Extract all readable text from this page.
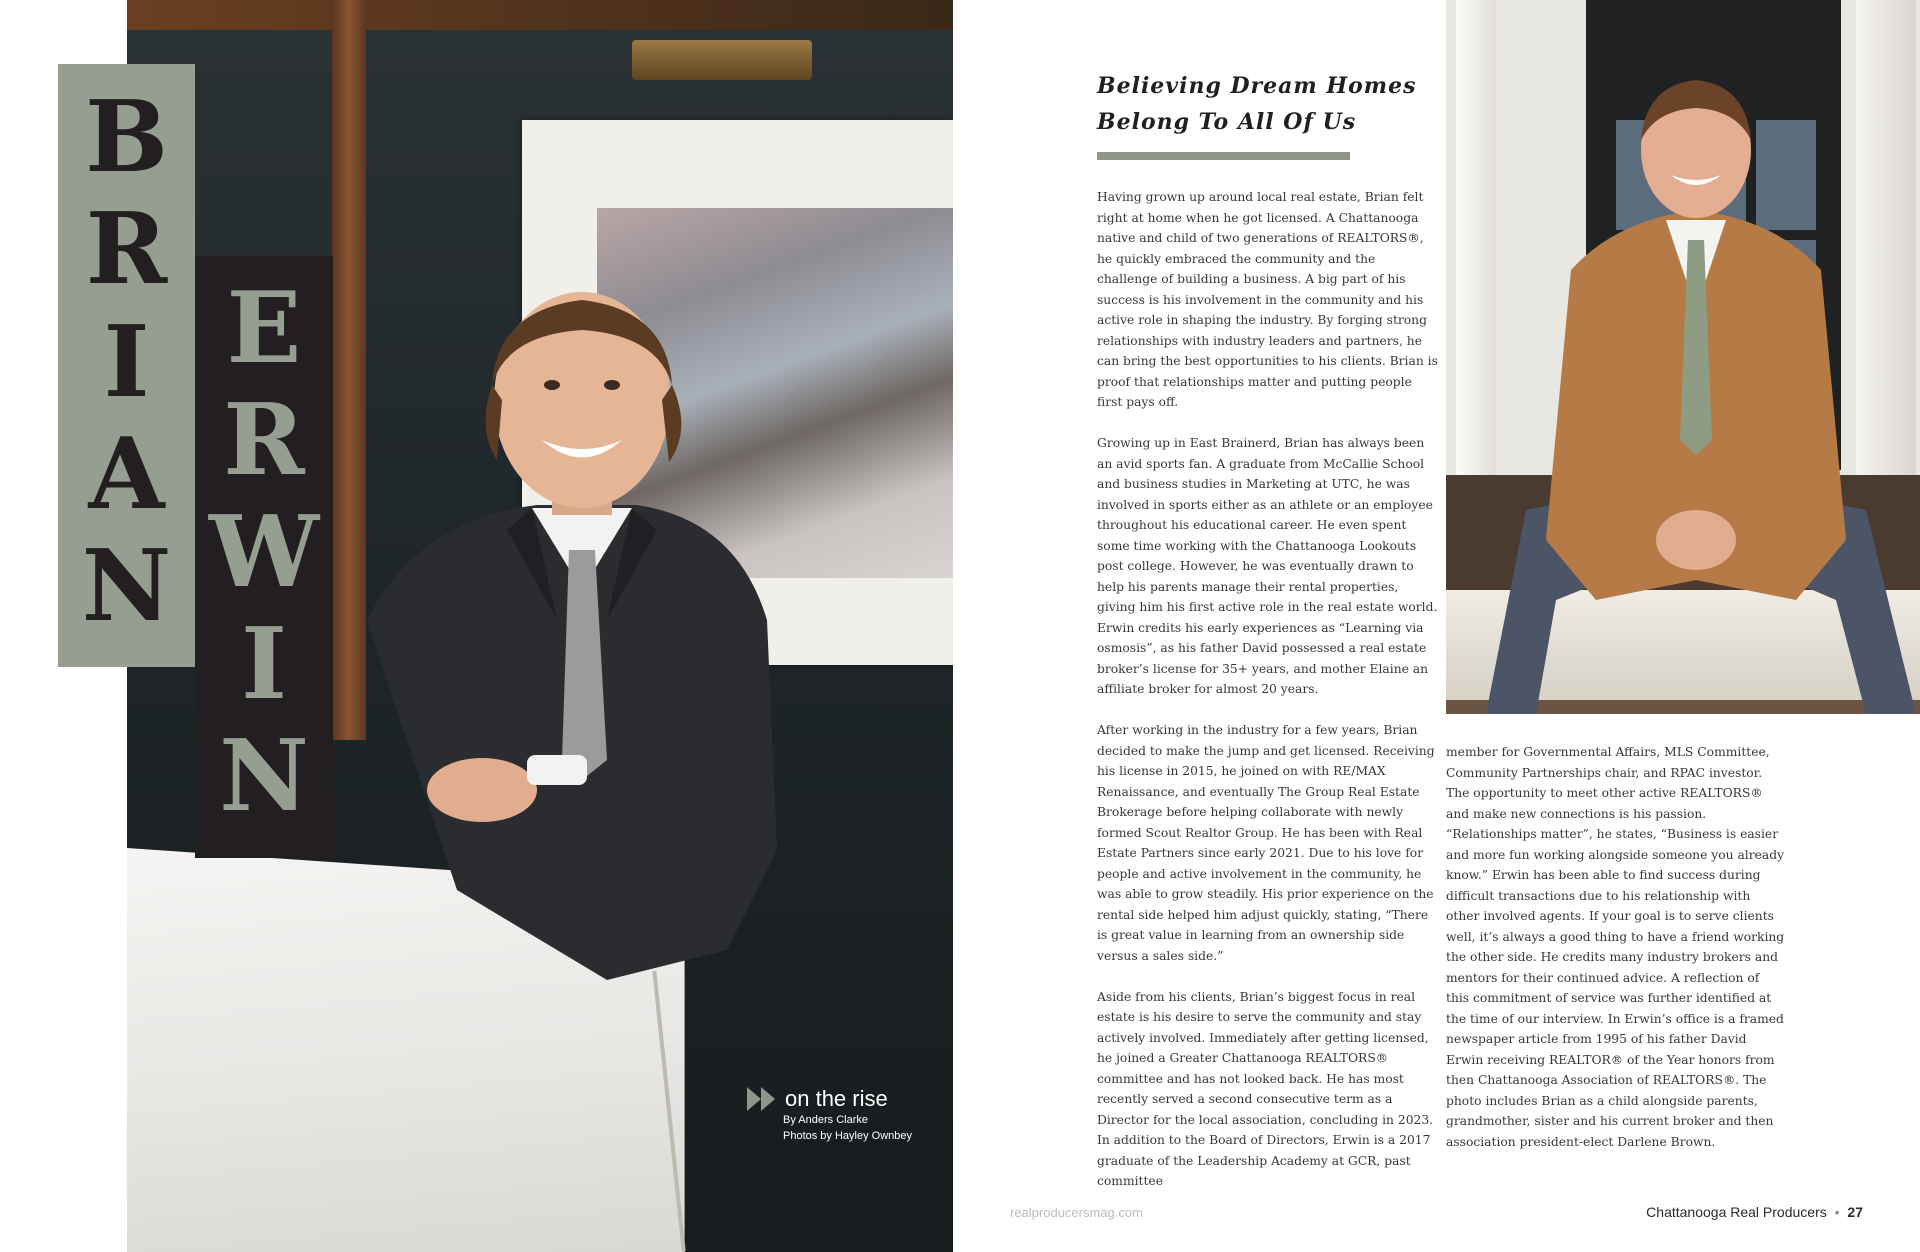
on the rise
By Anders Clarke
Photos by Hayley Ownbey
B
R
I
A
N
E
R
W
I
N
Believing Dream Homes
Belong To All Of Us

Having grown up around local real estate, Brian felt right at home when he got licensed. A Chattanooga native and child of two generations of REALTORS®, he quickly embraced the community and the challenge of building a business. A big part of his success is his involvement in the community and his active role in shaping the industry. By forging strong relationships with industry leaders and partners, he can bring the best opportunities to his clients. Brian is proof that relationships matter and putting people first pays off.

Growing up in East Brainerd, Brian has always been an avid sports fan. A graduate from McCallie School and business studies in Marketing at UTC, he was involved in sports either as an athlete or an employee throughout his educational career. He even spent some time working with the Chattanooga Lookouts post college. However, he was eventually drawn to help his parents manage their rental properties, giving him his first active role in the real estate world. Erwin credits his early experiences as “Learning via osmosis”, as his father David possessed a real estate broker’s license for 35+ years, and mother Elaine an affiliate broker for almost 20 years.

After working in the industry for a few years, Brian decided to make the jump and get licensed. Receiving his license in 2015, he joined on with RE/MAX Renaissance, and eventually The Group Real Estate Brokerage before helping collaborate with newly formed Scout Realtor Group. He has been with Real Estate Partners since early 2021. Due to his love for people and active involvement in the community, he was able to grow steadily. His prior experience on the rental side helped him adjust quickly, stating, “There is great value in learning from an ownership side versus a sales side.”

Aside from his clients, Brian’s biggest focus in real estate is his desire to serve the community and stay actively involved. Immediately after getting licensed, he joined a Greater Chattanooga REALTORS® committee and has not looked back. He has most recently served a second consecutive term as a Director for the local association, concluding in 2023. In addition to the Board of Directors, Erwin is a 2017 graduate of the Leadership Academy at GCR, past committee

member for Governmental Affairs, MLS Committee, Community Partnerships chair, and RPAC investor. The opportunity to meet other active REALTORS® and make new connections is his passion. “Relationships matter”, he states, “Business is easier and more fun working alongside someone you already know.” Erwin has been able to find success during difficult transactions due to his relationship with other involved agents. If your goal is to serve clients well, it’s always a good thing to have a friend working the other side. He credits many industry brokers and mentors for their continued advice. A reflection of this commitment of service was further identified at the time of our interview. In Erwin’s office is a framed newspaper article from 1995 of his father David Erwin receiving REALTOR® of the Year honors from then Chattanooga Association of REALTORS®. The photo includes Brian as a child alongside parents, grandmother, sister and his current broker and then association president-elect Darlene Brown.

realproducersmag.com	Chattanooga Real Producers • 27
